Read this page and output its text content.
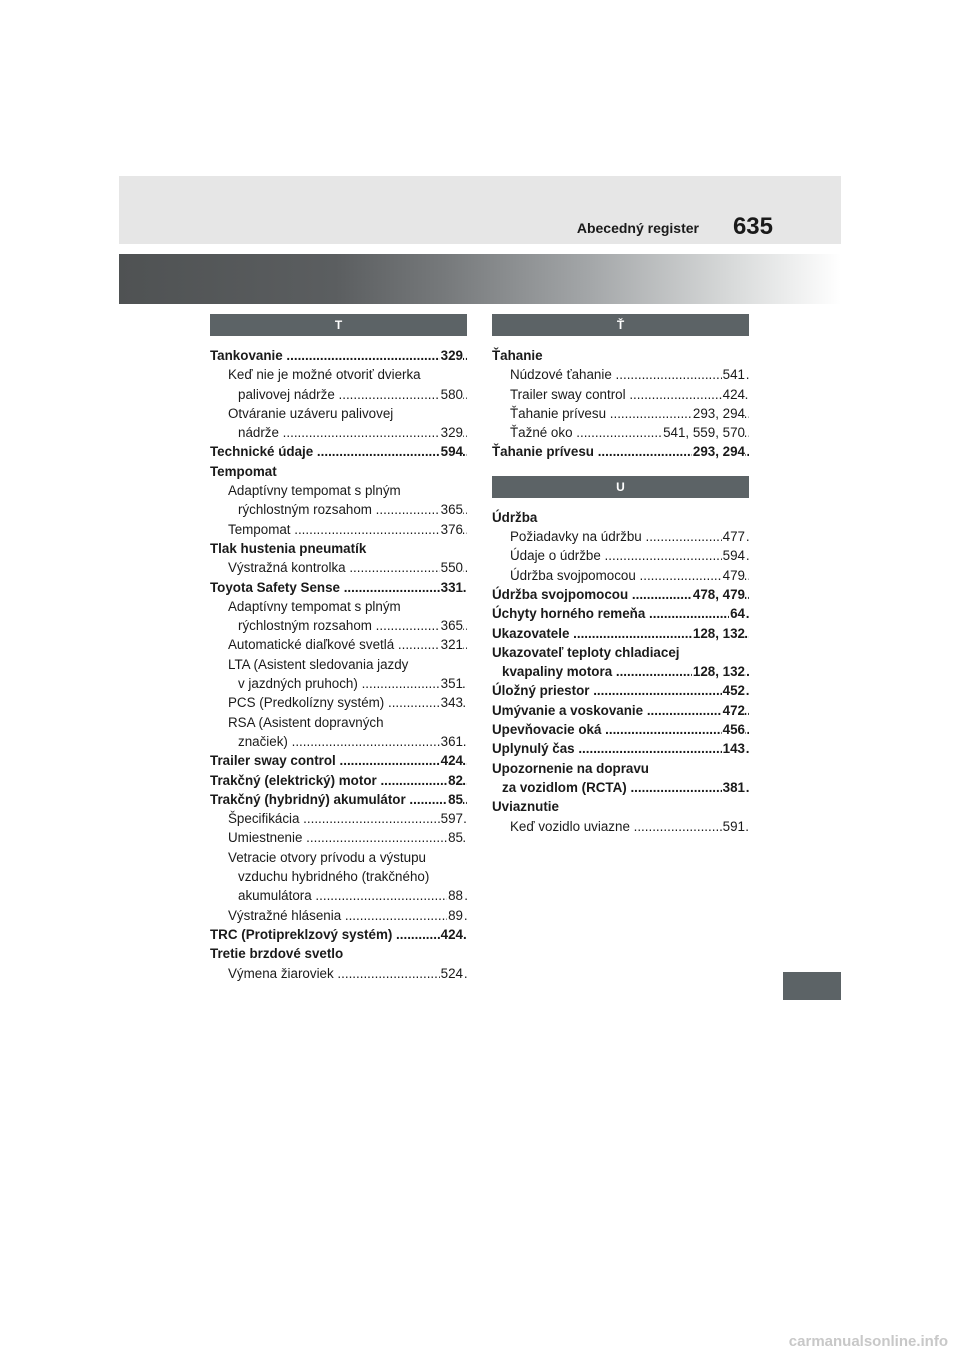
Abecedný register 635
T
Tankovanie .....	329
Keď nie je možné otvoriť dvierka
palivovej nádrže .....	580
Otváranie uzáveru palivovej
nádrže .....	329
Technické údaje .....	594
Tempomat
Adaptívny tempomat s plným
rýchlostným rozsahom .....	365
Tempomat .....	376
Tlak hustenia pneumatík
Výstražná kontrolka .....	550
Toyota Safety Sense .....	331
Adaptívny tempomat s plným
rýchlostným rozsahom .....	365
Automatické diaľkové svetlá .....	321
LTA (Asistent sledovania jazdy
v jazdných pruhoch) .....	351
PCS (Predkolízny systém) .....	343
RSA (Asistent dopravných
značiek) .....	361
Trailer sway control .....	424
Trakčný (elektrický) motor .....	82
Trakčný (hybridný) akumulátor .....	85
Špecifikácia .....	597
Umiestnenie .....	85
Vetracie otvory prívodu a výstupu
vzduchu hybridného (trakčného)
akumulátora .....	88
Výstražné hlásenia .....	89
TRC (Protipreklzový systém) .....	424
Tretie brzdové svetlo
Výmena žiaroviek .....	524
Ť
Ťahanie
Núdzové ťahanie .....	541
Trailer sway control .....	424
Ťahanie prívesu .....	293, 294
Ťažné oko .....	541, 559, 570
Ťahanie prívesu .....	293, 294
U
Údržba
Požiadavky na údržbu .....	477
Údaje o údržbe .....	594
Údržba svojpomocou .....	479
Údržba svojpomocou .....	478, 479
Úchyty horného remeňa .....	64
Ukazovatele .....	128, 132
Ukazovateľ teploty chladiacej
kvapaliny motora .....	128, 132
Úložný priestor .....	452
Umývanie a voskovanie .....	472
Upevňovacie oká .....	456
Uplynulý čas .....	143
Upozornenie na dopravu
za vozidlom (RCTA) .....	381
Uviaznutie
Keď vozidlo uviazne .....	591
carmanualsonline.info
